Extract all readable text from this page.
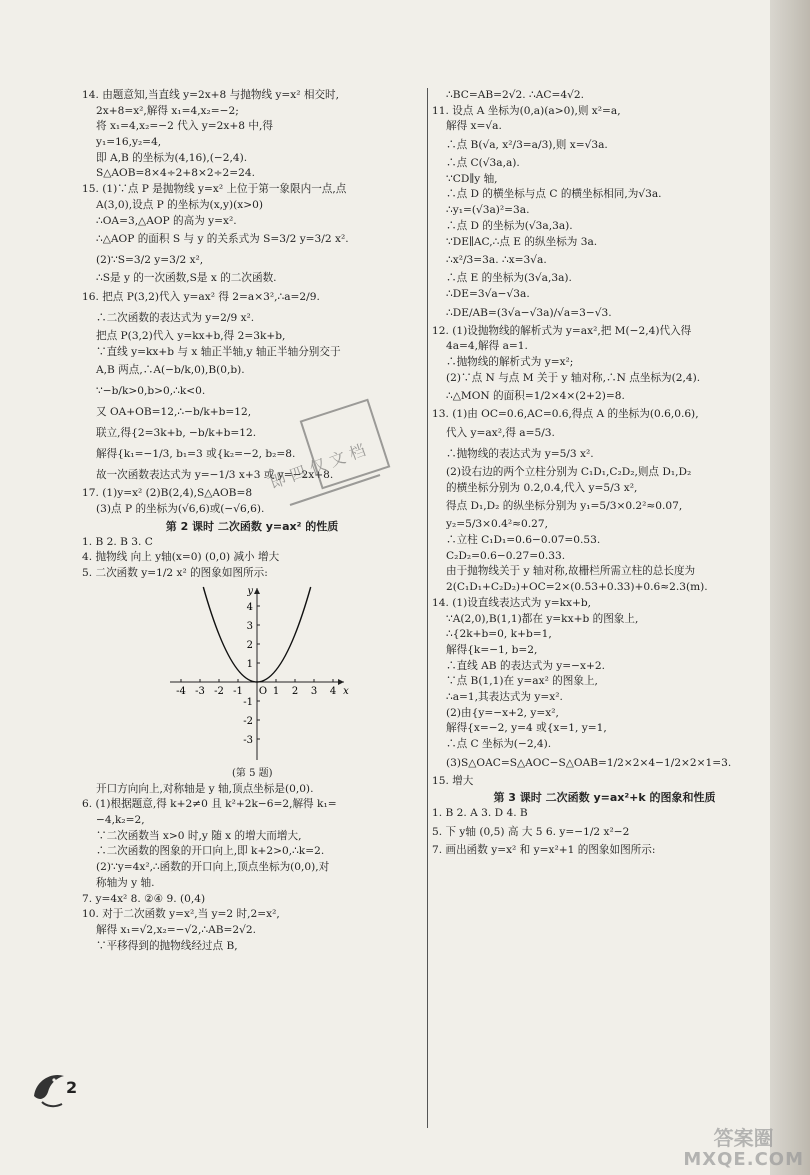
14. 由题意知,当直线 y=2x+8 与抛物线 y=x² 相交时,
2x+8=x²,解得 x₁=4,x₂=−2;
将 x₁=4,x₂=−2 代入 y=2x+8 中,得
y₁=16,y₂=4,
即 A,B 的坐标为(4,16),(−2,4).
S△AOB=8×4÷2+8×2÷2=24.
15. (1)∵点 P 是抛物线 y=x² 上位于第一象限内一点,点
A(3,0),设点 P 的坐标为(x,y)(x>0)
∴OA=3,△AOP 的高为 y=x².
∴△AOP 的面积 S 与 y 的关系式为 S=3/2 y=3/2 x².
(2)∵S=3/2 y=3/2 x²,
∴S是 y 的一次函数,S是 x 的二次函数.
16. 把点 P(3,2)代入 y=ax² 得 2=a×3²,∴a=2/9.
∴二次函数的表达式为 y=2/9 x².
把点 P(3,2)代入 y=kx+b,得 2=3k+b,
∵直线 y=kx+b 与 x 轴正半轴,y 轴正半轴分别交于
A,B 两点,∴A(−b/k,0),B(0,b).
∵−b/k>0,b>0,∴k<0.
又 OA+OB=12,∴−b/k+b=12,
联立,得{2=3k+b, −b/k+b=12.
解得{k₁=−1/3, b₁=3 或{k₂=−2, b₂=8.
故一次函数表达式为 y=−1/3 x+3 或 y=−2x+8.
17. (1)y=x² (2)B(2,4),S△AOB=8
(3)点 P 的坐标为(√6,6)或(−√6,6).
第 2 课时 二次函数 y=ax² 的性质
1. B 2. B 3. C
4. 抛物线 向上 y轴(x=0) (0,0) 减小 增大
5. 二次函数 y=1/2 x² 的图象如图所示:
-4 -3 -2 -1 O 1 2 3 4 x
4
3
2
1
-1
-2
-3
y
(第 5 题)
开口方向向上,对称轴是 y 轴,顶点坐标是(0,0).
6. (1)根据题意,得 k+2≠0 且 k²+2k−6=2,解得 k₁=
−4,k₂=2,
∵二次函数当 x>0 时,y 随 x 的增大而增大,
∴二次函数的图象的开口向上,即 k+2>0,∴k=2.
(2)∵y=4x²,∴函数的开口向上,顶点坐标为(0,0),对
称轴为 y 轴.
7. y=4x² 8. ②④ 9. (0,4)
10. 对于二次函数 y=x²,当 y=2 时,2=x²,
解得 x₁=√2,x₂=−√2,∴AB=2√2.
∵平移得到的抛物线经过点 B,
∴BC=AB=2√2. ∴AC=4√2.
11. 设点 A 坐标为(0,a)(a>0),则 x²=a,
解得 x=√a.
∴点 B(√a, x²/3=a/3),则 x=√3a.
∴点 C(√3a,a).
∵CD∥y 轴,
∴点 D 的横坐标与点 C 的横坐标相同,为√3a.
∴y₁=(√3a)²=3a.
∴点 D 的坐标为(√3a,3a).
∵DE∥AC,∴点 E 的纵坐标为 3a.
∴x²/3=3a. ∴x=3√a.
∴点 E 的坐标为(3√a,3a).
∴DE=3√a−√3a.
∴DE/AB=(3√a−√3a)/√a=3−√3.
12. (1)设抛物线的解析式为 y=ax²,把 M(−2,4)代入得
4a=4,解得 a=1.
∴抛物线的解析式为 y=x²;
(2)∵点 N 与点 M 关于 y 轴对称,∴N 点坐标为(2,4).
∴△MON 的面积=1/2×4×(2+2)=8.
13. (1)由 OC=0.6,AC=0.6,得点 A 的坐标为(0.6,0.6),
代入 y=ax²,得 a=5/3.
∴抛物线的表达式为 y=5/3 x².
(2)设右边的两个立柱分别为 C₁D₁,C₂D₂,则点 D₁,D₂
的横坐标分别为 0.2,0.4,代入 y=5/3 x²,
得点 D₁,D₂ 的纵坐标分别为 y₁=5/3×0.2²≈0.07,
y₂=5/3×0.4²≈0.27,
∴立柱 C₁D₁=0.6−0.07=0.53.
C₂D₂=0.6−0.27=0.33.
由于抛物线关于 y 轴对称,故栅栏所需立柱的总长度为
2(C₁D₁+C₂D₂)+OC=2×(0.53+0.33)+0.6≈2.3(m).
14. (1)设直线表达式为 y=kx+b,
∵A(2,0),B(1,1)都在 y=kx+b 的图象上,
∴{2k+b=0, k+b=1,
解得{k=−1, b=2,
∴直线 AB 的表达式为 y=−x+2.
∵点 B(1,1)在 y=ax² 的图象上,
∴a=1,其表达式为 y=x².
(2)由{y=−x+2, y=x²,
解得{x=−2, y=4 或{x=1, y=1,
∴点 C 坐标为(−2,4).
(3)S△OAC=S△AOC−S△OAB=1/2×2×4−1/2×2×1=3.
15. 增大
第 3 课时 二次函数 y=ax²+k 的图象和性质
1. B 2. A 3. D 4. B
5. 下 y轴 (0,5) 高 大 5 6. y=−1/2 x²−2
7. 画出函数 y=x² 和 y=x²+1 的图象如图所示:
即 四 仅 文 档
2
答案圈
MXQE.COM
